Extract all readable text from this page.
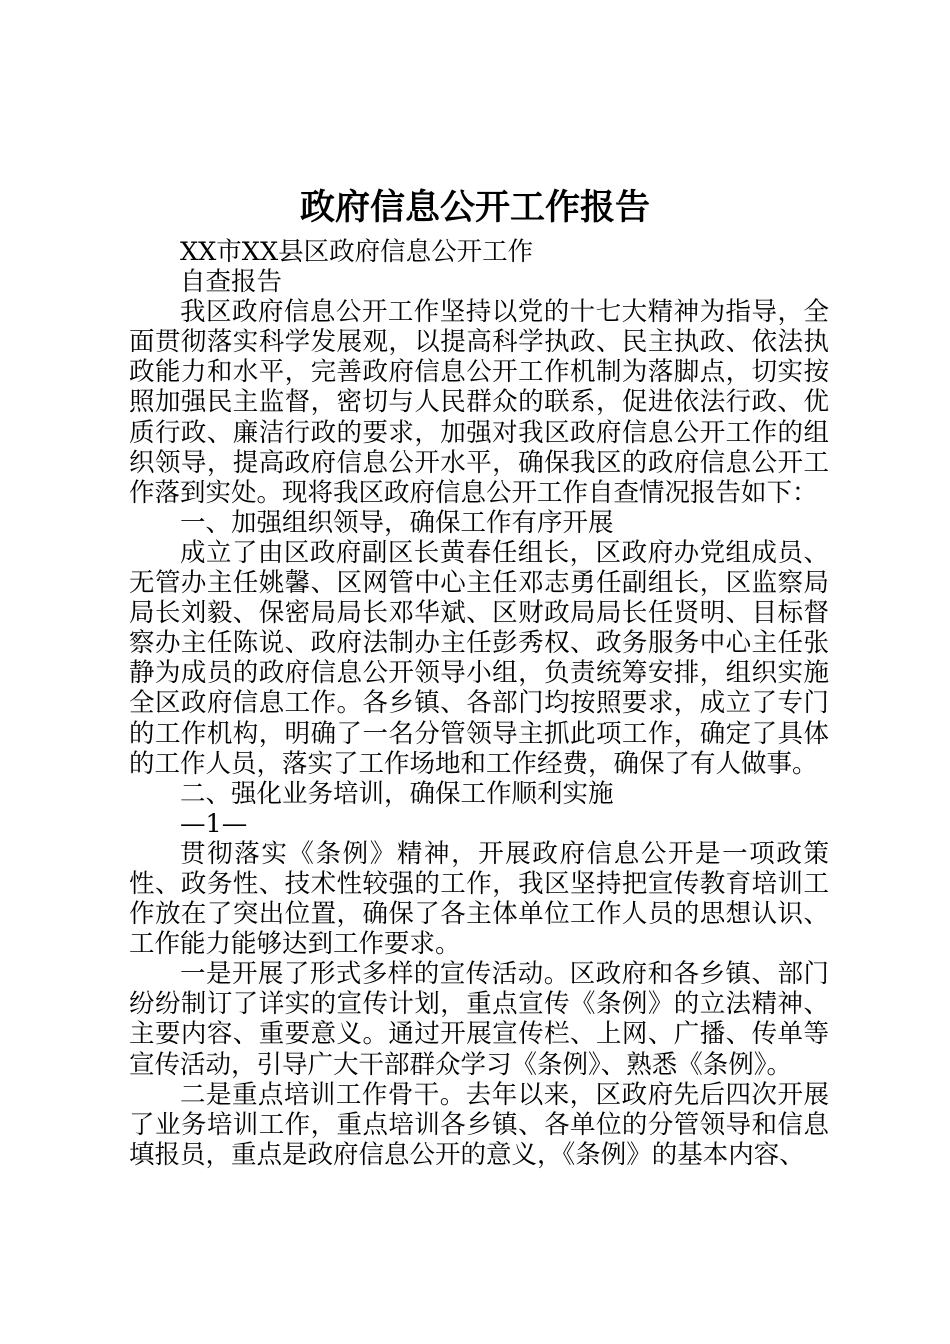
政府信息公开工作报告

XX市XX县区政府信息公开工作

自查报告

我区政府信息公开工作坚持以党的十七大精神为指导，全面贯彻落实科学发展观，以提高科学执政、民主执政、依法执政能力和水平，完善政府信息公开工作机制为落脚点，切实按照加强民主监督，密切与人民群众的联系，促进依法行政、优质行政、廉洁行政的要求，加强对我区政府信息公开工作的组织领导，提高政府信息公开水平，确保我区的政府信息公开工作落到实处。现将我区政府信息公开工作自查情况报告如下：

一、加强组织领导，确保工作有序开展

成立了由区政府副区长黄春任组长，区政府办党组成员、无管办主任姚馨、区网管中心主任邓志勇任副组长，区监察局局长刘毅、保密局局长邓华斌、区财政局局长任贤明、目标督察办主任陈说、政府法制办主任彭秀权、政务服务中心主任张静为成员的政府信息公开领导小组，负责统筹安排，组织实施全区政府信息工作。各乡镇、各部门均按照要求，成立了专门的工作机构，明确了一名分管领导主抓此项工作，确定了具体的工作人员，落实了工作场地和工作经费，确保了有人做事。

二、强化业务培训，确保工作顺利实施

—1—

贯彻落实《条例》精神，开展政府信息公开是一项政策性、政务性、技术性较强的工作，我区坚持把宣传教育培训工作放在了突出位置，确保了各主体单位工作人员的思想认识、工作能力能够达到工作要求。

一是开展了形式多样的宣传活动。区政府和各乡镇、部门纷纷制订了详实的宣传计划，重点宣传《条例》的立法精神、主要内容、重要意义。通过开展宣传栏、上网、广播、传单等宣传活动，引导广大干部群众学习《条例》、熟悉《条例》。

二是重点培训工作骨干。去年以来，区政府先后四次开展了业务培训工作，重点培训各乡镇、各单位的分管领导和信息填报员，重点是政府信息公开的意义，《条例》的基本内容、
